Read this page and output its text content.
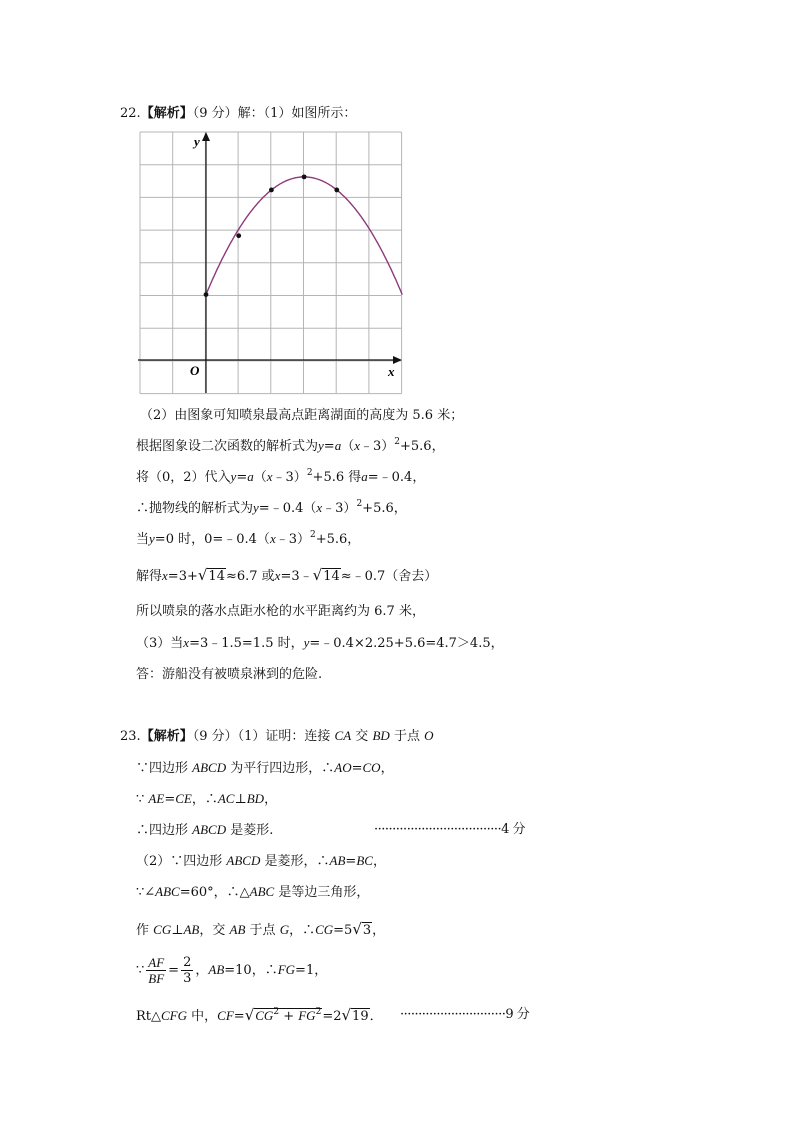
22.【解析】（9 分）解：（1）如图所示：
y
x
O
（2）由图象可知喷泉最高点距离湖面的高度为 5.6 米；
根据图象设二次函数的解析式为y=a（x﹣3）$^2$+5.6，
将（0，2）代入y=a（x﹣3）$^2$+5.6 得a=﹣0.4，
∴抛物线的解析式为y=﹣0.4（x﹣3）$^2$+5.6，
当y=0 时，0=﹣0.4（x﹣3）$^2$+5.6，
解得x=3+√14≈6.7 或x=3﹣√14≈﹣0.7（舍去）
所以喷泉的落水点距水枪的水平距离约为 6.7 米，
（3）当x=3﹣1.5=1.5 时，y=﹣0.4×2.25+5.6=4.7＞4.5，
答：游船没有被喷泉淋到的危险.
23.【解析】（9 分）（1）证明：连接 CA 交 BD 于点 O
∵四边形 ABCD 为平行四边形，∴AO=CO，
∵ AE=CE，∴AC⊥BD，
∴四边形 ABCD 是菱形.	···································4 分
（2）∵四边形 ABCD 是菱形，∴AB=BC，
∵∠ABC=60°，∴△ABC 是等边三角形，
作 CG⊥AB，交 AB 于点 G，∴CG=5√3，
∵ $\frac{AF}{BF} = \frac{2}{3}$ ，AB=10，∴FG=1，
Rt△CFG 中，$CF=√CG^2 + FG^2=2√19$． ·····························9 分
